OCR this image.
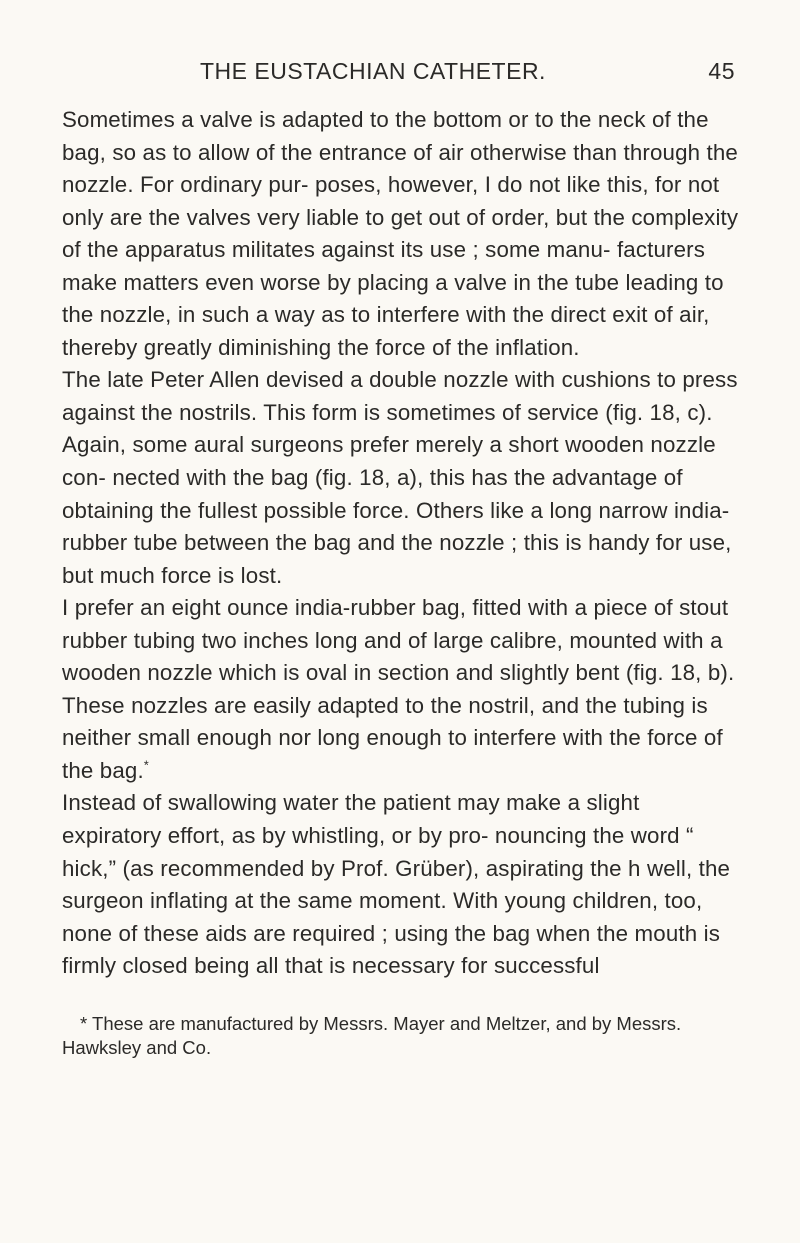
THE EUSTACHIAN CATHETER.	45

Sometimes a valve is adapted to the bottom or to the neck of the bag, so as to allow of the entrance of air otherwise than through the nozzle. For ordinary pur- poses, however, I do not like this, for not only are the valves very liable to get out of order, but the complexity of the apparatus militates against its use ; some manu- facturers make matters even worse by placing a valve in the tube leading to the nozzle, in such a way as to interfere with the direct exit of air, thereby greatly diminishing the force of the inflation.

The late Peter Allen devised a double nozzle with cushions to press against the nostrils. This form is sometimes of service (fig. 18, c). Again, some aural surgeons prefer merely a short wooden nozzle con- nected with the bag (fig. 18, a), this has the advantage of obtaining the fullest possible force. Others like a long narrow india-rubber tube between the bag and the nozzle ; this is handy for use, but much force is lost.

I prefer an eight ounce india-rubber bag, fitted with a piece of stout rubber tubing two inches long and of large calibre, mounted with a wooden nozzle which is oval in section and slightly bent (fig. 18, b). These nozzles are easily adapted to the nostril, and the tubing is neither small enough nor long enough to interfere with the force of the bag.*

Instead of swallowing water the patient may make a slight expiratory effort, as by whistling, or by pro- nouncing the word “ hick,” (as recommended by Prof. Grüber), aspirating the h well, the surgeon inflating at the same moment. With young children, too, none of these aids are required ; using the bag when the mouth is firmly closed being all that is necessary for successful

* These are manufactured by Messrs. Mayer and Meltzer, and by Messrs. Hawksley and Co.
